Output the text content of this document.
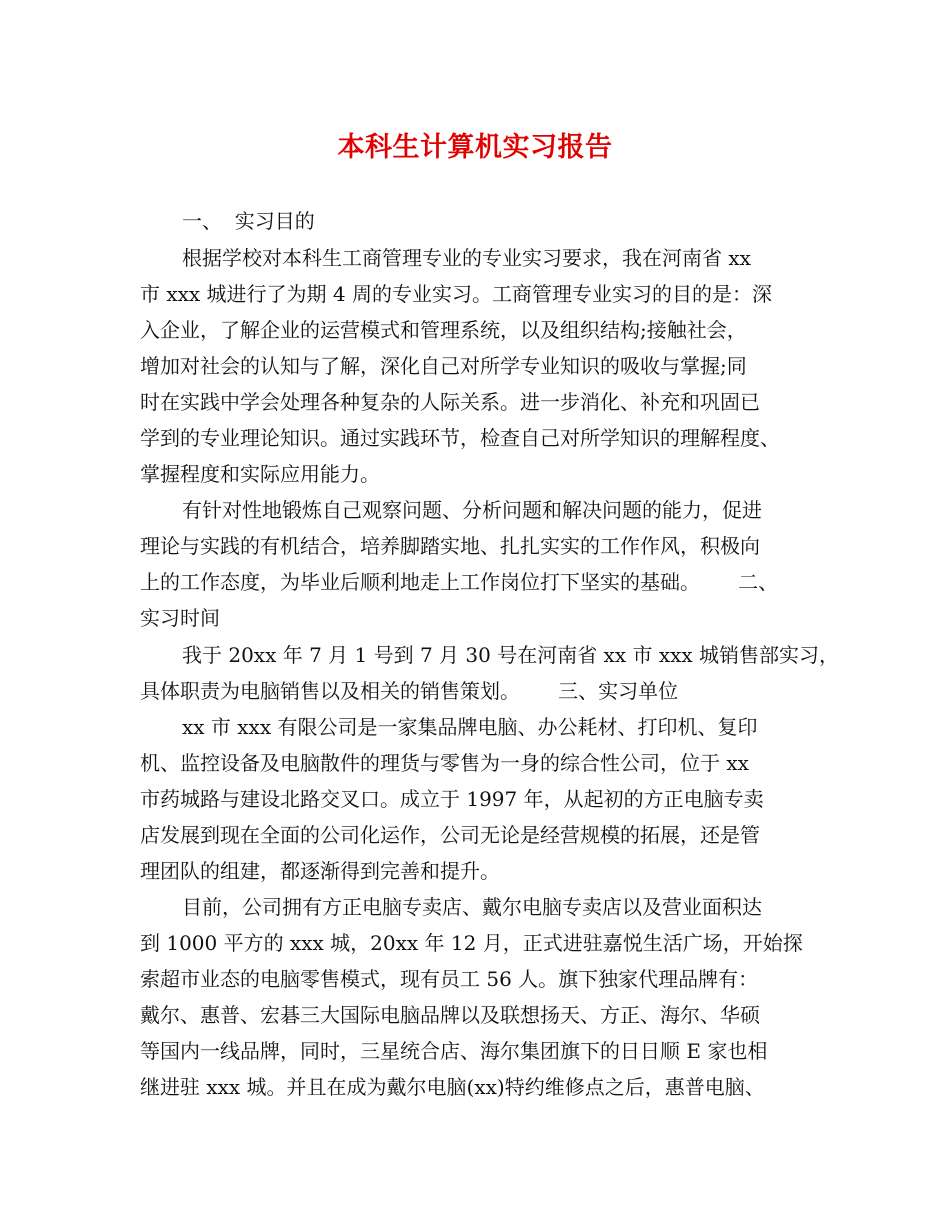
本科生计算机实习报告
一、  实习目的
根据学校对本科生工商管理专业的专业实习要求，我在河南省 xx
市 xxx 城进行了为期 4 周的专业实习。工商管理专业实习的目的是：深
入企业，了解企业的运营模式和管理系统，以及组织结构;接触社会，
增加对社会的认知与了解，深化自己对所学专业知识的吸收与掌握;同
时在实践中学会处理各种复杂的人际关系。进一步消化、补充和巩固已
学到的专业理论知识。通过实践环节，检查自己对所学知识的理解程度、
掌握程度和实际应用能力。
有针对性地锻炼自己观察问题、分析问题和解决问题的能力，促进
理论与实践的有机结合，培养脚踏实地、扎扎实实的工作作风，积极向
上的工作态度，为毕业后顺利地走上工作岗位打下坚实的基础。      二、
实习时间
我于 20xx 年 7 月 1 号到 7 月 30 号在河南省 xx 市 xxx 城销售部实习，
具体职责为电脑销售以及相关的销售策划。      三、实习单位
xx 市 xxx 有限公司是一家集品牌电脑、办公耗材、打印机、复印
机、监控设备及电脑散件的理货与零售为一身的综合性公司，位于 xx
市药城路与建设北路交叉口。成立于 1997 年，从起初的方正电脑专卖
店发展到现在全面的公司化运作，公司无论是经营规模的拓展，还是管
理团队的组建，都逐渐得到完善和提升。
目前，公司拥有方正电脑专卖店、戴尔电脑专卖店以及营业面积达
到 1000 平方的 xxx 城，20xx 年 12 月，正式进驻嘉悦生活广场，开始探
索超市业态的电脑零售模式，现有员工 56 人。旗下独家代理品牌有：
戴尔、惠普、宏碁三大国际电脑品牌以及联想扬天、方正、海尔、华硕
等国内一线品牌，同时，三星统合店、海尔集团旗下的日日顺 E 家也相
继进驻 xxx 城。并且在成为戴尔电脑(xx)特约维修点之后，惠普电脑、
